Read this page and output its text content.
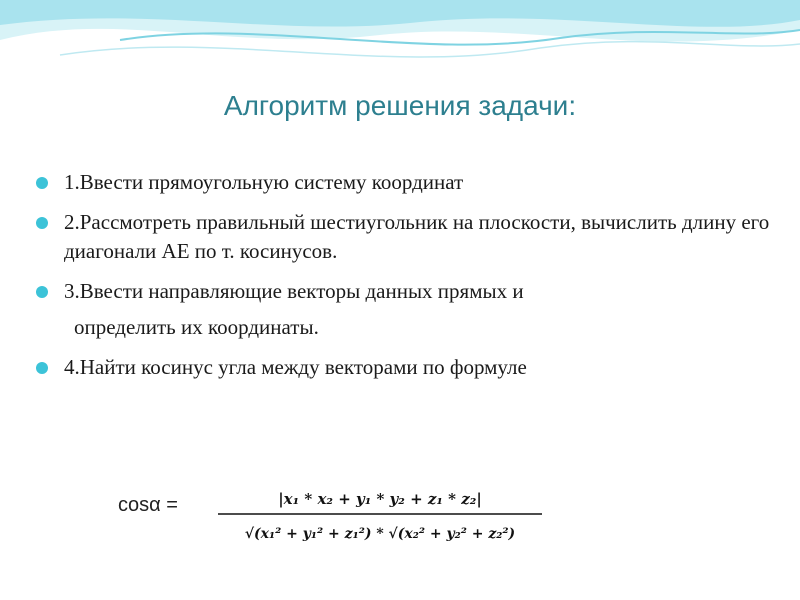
Алгоритм решения задачи:
1.Ввести прямоугольную систему координат
2.Рассмотреть правильный шестиугольник на плоскости, вычислить длину его диагонали АЕ по т. косинусов.
3.Ввести направляющие векторы данных прямых и
определить их координаты.
4.Найти косинус угла между векторами по формуле
cosα =	|x₁ * x₂ + y₁ * y₂ + z₁ * z₂|
√(x₁² + y₁² + z₁²) * √(x₂² + y₂² + z₂²)
